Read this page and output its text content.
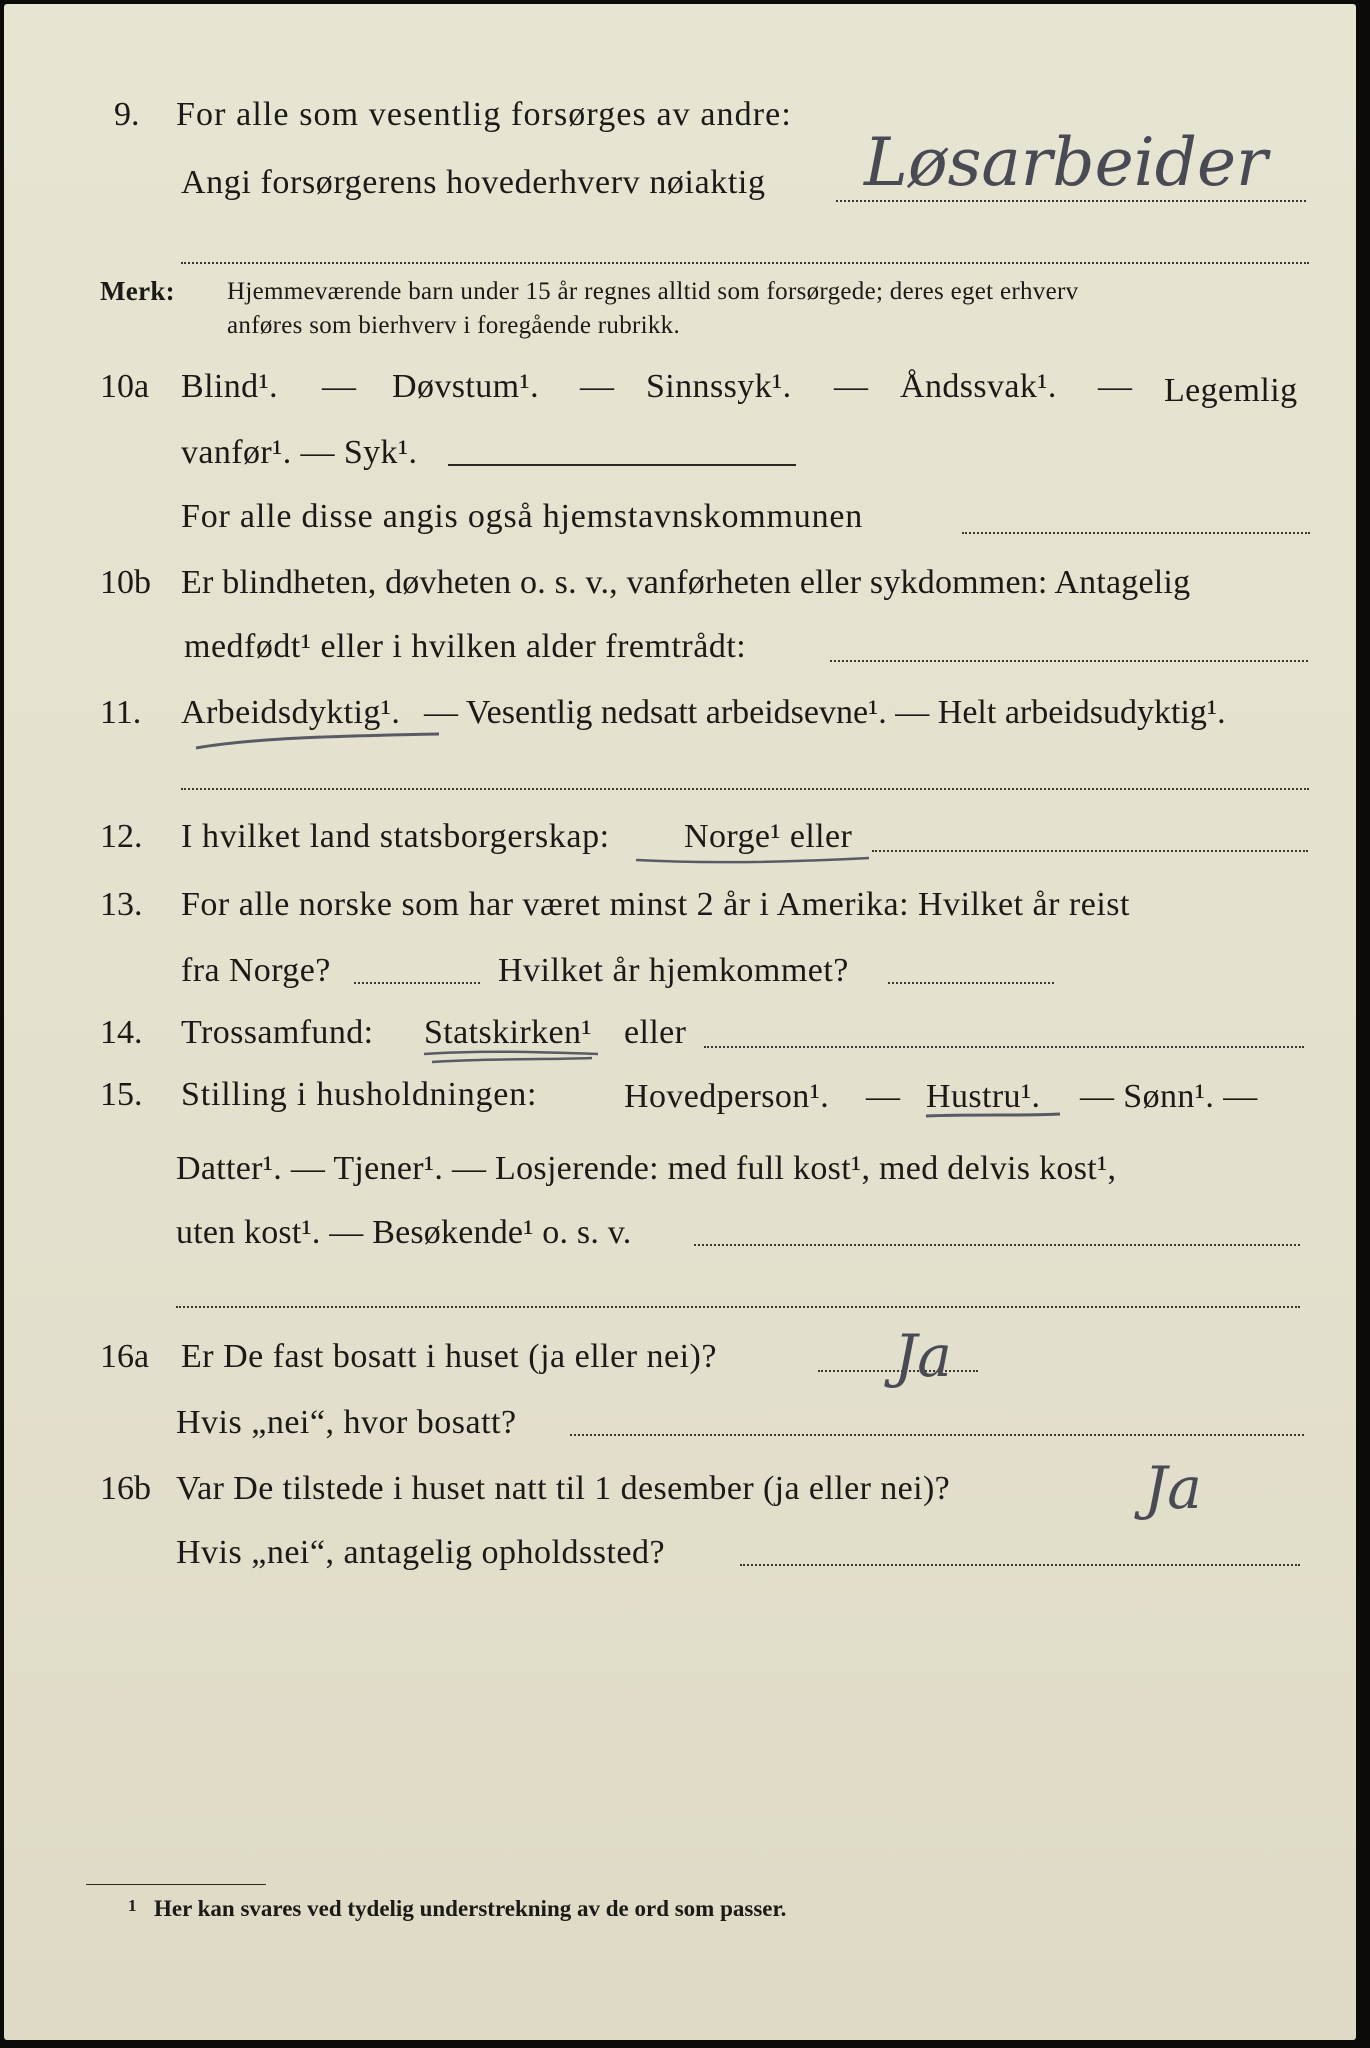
9. For alle som vesentlig forsørges av andre:
Angi forsørgerens hovederhverv nøiaktig Løsarbeider
Merk: Hjemmeværende barn under 15 år regnes alltid som forsørgede; deres eget erhverv
anføres som bierhverv i foregående rubrikk.
10a Blind¹. — Døvstum¹. — Sinnssyk¹. — Åndssvak¹. — Legemlig
vanfør¹. — Syk¹.
For alle disse angis også hjemstavnskommunen
10b Er blindheten, døvheten o. s. v., vanførheten eller sykdommen: Antagelig
medfødt¹ eller i hvilken alder fremtrådt:
11. Arbeidsdyktig¹. — Vesentlig nedsatt arbeidsevne¹. — Helt arbeidsudyktig¹.
12. I hvilket land statsborgerskap: Norge¹ eller
13. For alle norske som har været minst 2 år i Amerika: Hvilket år reist
fra Norge?	Hvilket år hjemkommet?
14. Trossamfund: Statskirken¹ eller
15. Stilling i husholdningen:	Hovedperson¹. — Hustru¹. — Sønn¹. —
Datter¹. — Tjener¹. — Losjerende: med full kost¹, med delvis kost¹,
uten kost¹. — Besøkende¹ o. s. v.
16a Er De fast bosatt i huset (ja eller nei)?	Ja
Hvis „nei“, hvor bosatt?
16b Var De tilstede i huset natt til 1 desember (ja eller nei)?	Ja
Hvis „nei“, antagelig opholdssted?
1 Her kan svares ved tydelig understrekning av de ord som passer.
